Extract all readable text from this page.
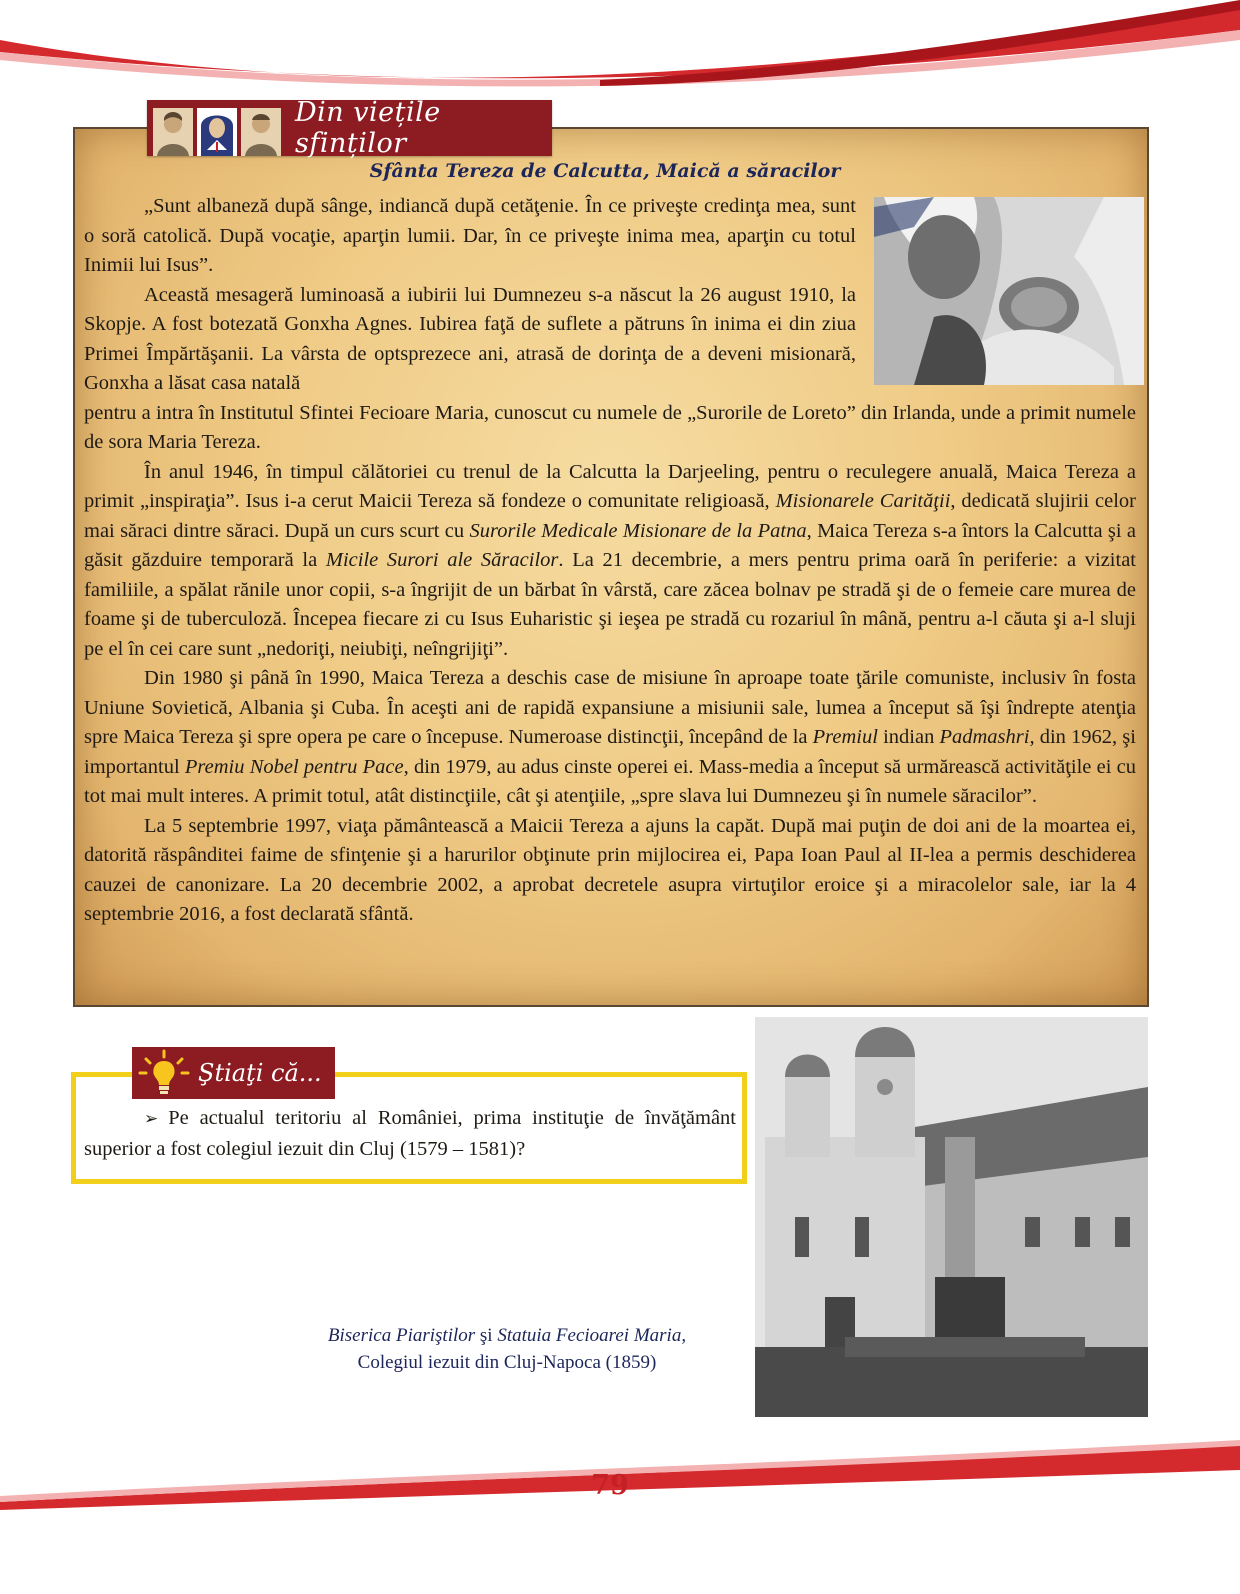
Din viețile sfinților
Sfânta Tereza de Calcutta, Maică a săracilor

„Sunt albaneză după sânge, indiancă după cetăţenie. În ce priveşte credinţa mea, sunt o soră catolică. După vocaţie, aparţin lumii. Dar, în ce priveşte inima mea, aparţin cu totul Inimii lui Isus”.

Această mesageră luminoasă a iubirii lui Dumnezeu s-a născut la 26 august 1910, la Skopje. A fost botezată Gonxha Agnes. Iubirea faţă de suflete a pătruns în inima ei din ziua Primei Împărtăşanii. La vârsta de optsprezece ani, atrasă de dorinţa de a deveni misionară, Gonxha a lăsat casa natală

pentru a intra în Institutul Sfintei Fecioare Maria, cunoscut cu numele de „Surorile de Loreto” din Irlanda, unde a primit numele de sora Maria Tereza.

În anul 1946, în timpul călătoriei cu trenul de la Calcutta la Darjeeling, pentru o reculegere anuală, Maica Tereza a primit „inspiraţia”. Isus i-a cerut Maicii Tereza să fondeze o comunitate religioasă, Misionarele Carităţii, dedicată slujirii celor mai săraci dintre săraci. După un curs scurt cu Surorile Medicale Misionare de la Patna, Maica Tereza s-a întors la Calcutta şi a găsit găzduire temporară la Micile Surori ale Săracilor. La 21 decembrie, a mers pentru prima oară în periferie: a vizitat familiile, a spălat rănile unor copii, s-a îngrijit de un bărbat în vârstă, care zăcea bolnav pe stradă şi de o femeie care murea de foame şi de tuberculoză. Începea fiecare zi cu Isus Euharistic şi ieşea pe stradă cu rozariul în mână, pentru a-l căuta şi a-l sluji pe el în cei care sunt „nedoriţi, neiubiţi, neîngrijiţi”.

Din 1980 şi până în 1990, Maica Tereza a deschis case de misiune în aproape toate ţările comuniste, inclusiv în fosta Uniune Sovietică, Albania şi Cuba. În aceşti ani de rapidă expansiune a misiunii sale, lumea a început să îşi îndrepte atenţia spre Maica Tereza şi spre opera pe care o începuse. Numeroase distincţii, începând de la Premiul indian Padmashri, din 1962, şi importantul Premiu Nobel pentru Pace, din 1979, au adus cinste operei ei. Mass-media a început să urmărească activităţile ei cu tot mai mult interes. A primit totul, atât distincţiile, cât şi atenţiile, „spre slava lui Dumnezeu şi în numele săracilor”.

La 5 septembrie 1997, viaţa pământească a Maicii Tereza a ajuns la capăt. După mai puţin de doi ani de la moartea ei, datorită răspânditei faime de sfinţenie şi a harurilor obţinute prin mijlocirea ei, Papa Ioan Paul al II-lea a permis deschiderea cauzei de canonizare. La 20 decembrie 2002, a aprobat decretele asupra virtuţilor eroice şi a miracolelor sale, iar la 4 septembrie 2016, a fost declarată sfântă.

Ştiaţi că...
➢ Pe actualul teritoriu al României, prima instituţie de învăţământ superior a fost colegiul iezuit din Cluj (1579 – 1581)?
Biserica Piariştilor şi Statuia Fecioarei Maria,
Colegiul iezuit din Cluj-Napoca (1859)
79
